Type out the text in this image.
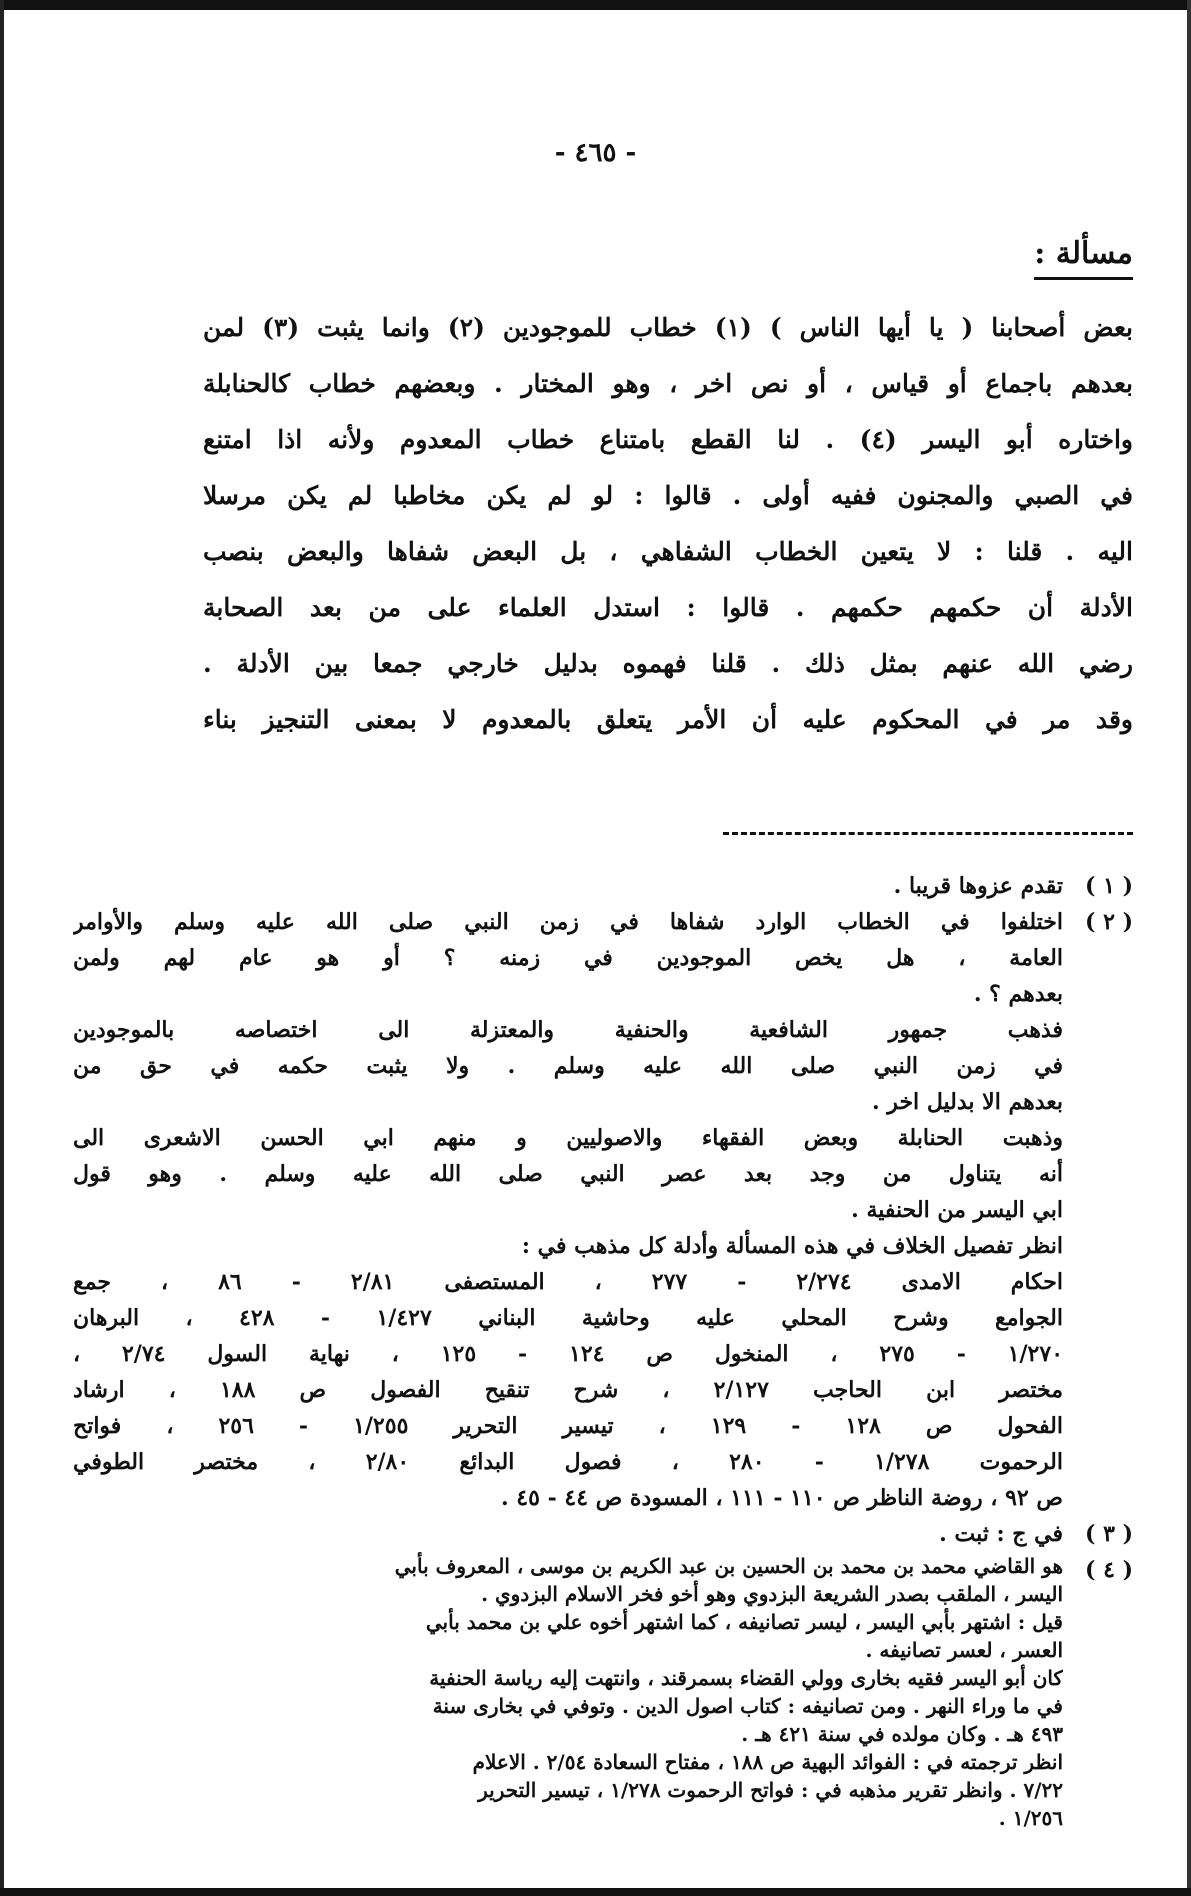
- ٤٦٥ -
مسألة :
بعض أصحابنا ( يا أيها الناس ) (١) خطاب للموجودين (٢) وانما يثبت (٣) لمن
بعدهم باجماع أو قياس ، أو نص اخر ، وهو المختار . وبعضهم خطاب كالحنابلة
واختاره أبو اليسر (٤) . لنا القطع بامتناع خطاب المعدوم ولأنه اذا امتنع
في الصبي والمجنون ففيه أولى . قالوا : لو لم يكن مخاطبا لم يكن مرسلا
اليه . قلنا : لا يتعين الخطاب الشفاهي ، بل البعض شفاها والبعض بنصب
الأدلة أن حكمهم حكمهم . قالوا : استدل العلماء على من بعد الصحابة
رضي الله عنهم بمثل ذلك . قلنا فهموه بدليل خارجي جمعا بين الأدلة .
وقد مر في المحكوم عليه أن الأمر يتعلق بالمعدوم لا بمعنى التنجيز بناء
( ١ )
تقدم عزوها قريبا .
( ٢ )
اختلفوا في الخطاب الوارد شفاها في زمن النبي صلى الله عليه وسلم والأوامر
العامة ، هل يخص الموجودين في زمنه ؟ أو هو عام لهم ولمن
بعدهم ؟ .
فذهب جمهور الشافعية والحنفية والمعتزلة الى اختصاصه بالموجودين
في زمن النبي صلى الله عليه وسلم . ولا يثبت حكمه في حق من
بعدهم الا بدليل اخر .
وذهبت الحنابلة وبعض الفقهاء والاصوليين و منهم ابي الحسن الاشعرى الى
أنه يتناول من وجد بعد عصر النبي صلى الله عليه وسلم . وهو قول
ابي اليسر من الحنفية .
انظر تفصيل الخلاف في هذه المسألة وأدلة كل مذهب في :
احكام الامدى ٢/٢٧٤ - ٢٧٧ ، المستصفى ٢/٨١ - ٨٦ ، جمع
الجوامع وشرح المحلي عليه وحاشية البناني ١/٤٢٧ - ٤٢٨ ، البرهان
١/٢٧٠ - ٢٧٥ ، المنخول ص ١٢٤ - ١٢٥ ، نهاية السول ٢/٧٤ ،
مختصر ابن الحاجب ٢/١٢٧ ، شرح تنقيح الفصول ص ١٨٨ ، ارشاد
الفحول ص ١٢٨ - ١٢٩ ، تيسير التحرير ١/٢٥٥ - ٢٥٦ ، فواتح
الرحموت ١/٢٧٨ - ٢٨٠ ، فصول البدائع ٢/٨٠ ، مختصر الطوفي
ص ٩٢ ، روضة الناظر ص ١١٠ - ١١١ ، المسودة ص ٤٤ - ٤٥ .
( ٣ )
في ج : ثبت .
( ٤ )
هو القاضي محمد بن محمد بن الحسين بن عبد الكريم بن موسى ، المعروف بأبي
اليسر ، الملقب بصدر الشريعة البزدوي وهو أخو فخر الاسلام البزدوي .
قيل : اشتهر بأبي اليسر ، ليسر تصانيفه ، كما اشتهر أخوه علي بن محمد بأبي
العسر ، لعسر تصانيفه .
كان أبو اليسر فقيه بخارى وولي القضاء بسمرقند ، وانتهت إليه رياسة الحنفية
في ما وراء النهر . ومن تصانيفه : كتاب اصول الدين . وتوفي في بخارى سنة
٤٩٣ هـ . وكان مولده في سنة ٤٢١ هـ .
انظر ترجمته في : الفوائد البهية ص ١٨٨ ، مفتاح السعادة ٢/٥٤ . الاعلام
٧/٢٢ . وانظر تقرير مذهبه في : فواتح الرحموت ١/٢٧٨ ، تيسير التحرير
١/٢٥٦ .
